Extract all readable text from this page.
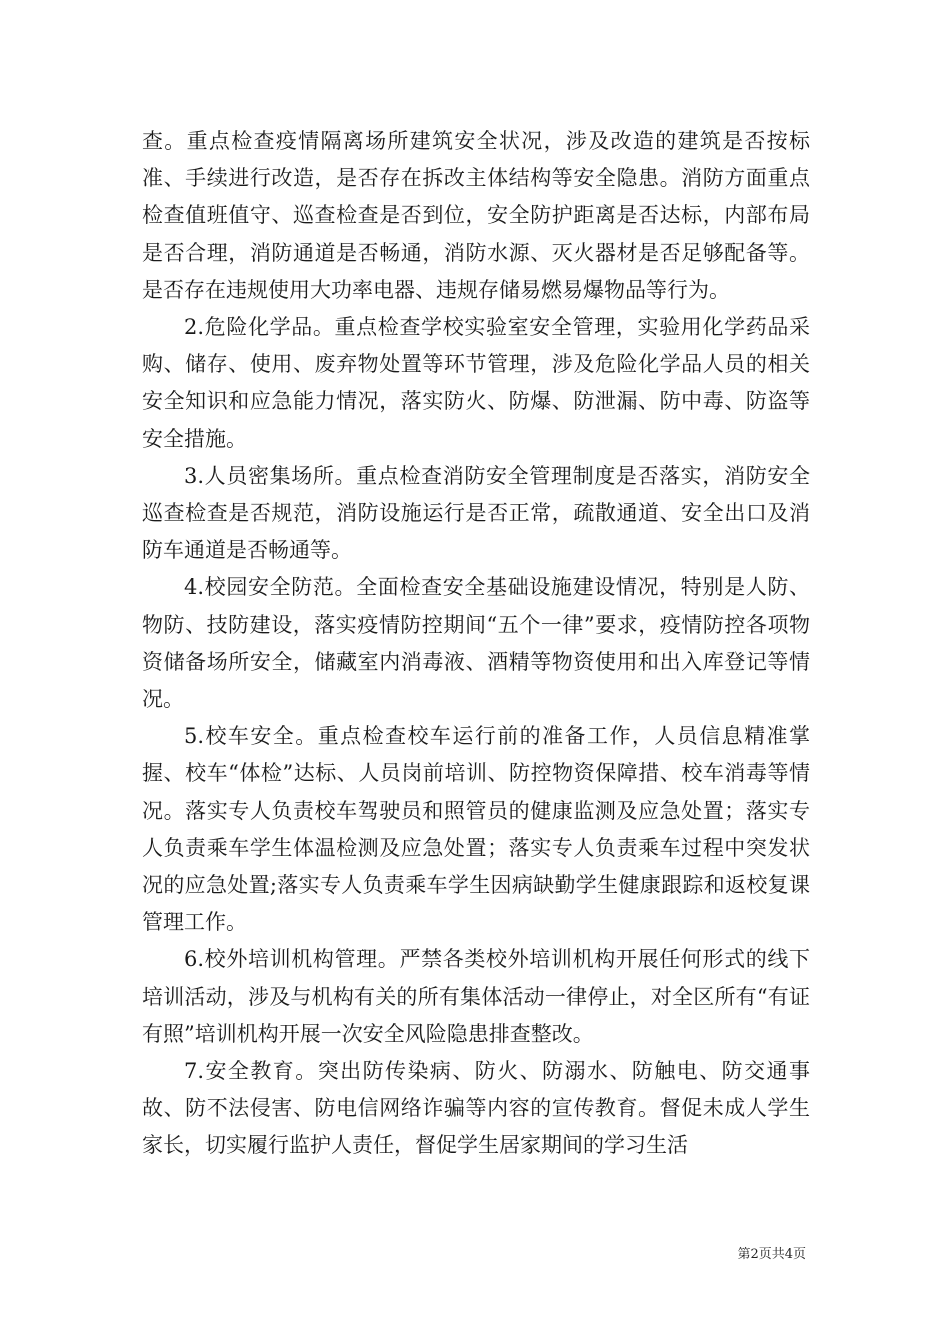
查。重点检查疫情隔离场所建筑安全状况，涉及改造的建筑是否按标准、手续进行改造，是否存在拆改主体结构等安全隐患。消防方面重点检查值班值守、巡查检查是否到位，安全防护距离是否达标，内部布局是否合理，消防通道是否畅通，消防水源、灭火器材是否足够配备等。是否存在违规使用大功率电器、违规存储易燃易爆物品等行为。

2.危险化学品。重点检查学校实验室安全管理，实验用化学药品采购、储存、使用、废弃物处置等环节管理，涉及危险化学品人员的相关安全知识和应急能力情况，落实防火、防爆、防泄漏、防中毒、防盗等安全措施。

3.人员密集场所。重点检查消防安全管理制度是否落实，消防安全巡查检查是否规范，消防设施运行是否正常，疏散通道、安全出口及消防车通道是否畅通等。

4.校园安全防范。全面检查安全基础设施建设情况，特别是人防、物防、技防建设，落实疫情防控期间“五个一律”要求，疫情防控各项物资储备场所安全，储藏室内消毒液、酒精等物资使用和出入库登记等情况。

5.校车安全。重点检查校车运行前的准备工作，人员信息精准掌握、校车“体检”达标、人员岗前培训、防控物资保障措、校车消毒等情况。落实专人负责校车驾驶员和照管员的健康监测及应急处置；落实专人负责乘车学生体温检测及应急处置；落实专人负责乘车过程中突发状况的应急处置;落实专人负责乘车学生因病缺勤学生健康跟踪和返校复课管理工作。

6.校外培训机构管理。严禁各类校外培训机构开展任何形式的线下培训活动，涉及与机构有关的所有集体活动一律停止，对全区所有“有证有照”培训机构开展一次安全风险隐患排查整改。

7.安全教育。突出防传染病、防火、防溺水、防触电、防交通事故、防不法侵害、防电信网络诈骗等内容的宣传教育。督促未成人学生家长，切实履行监护人责任，督促学生居家期间的学习生活

第2页共4页
